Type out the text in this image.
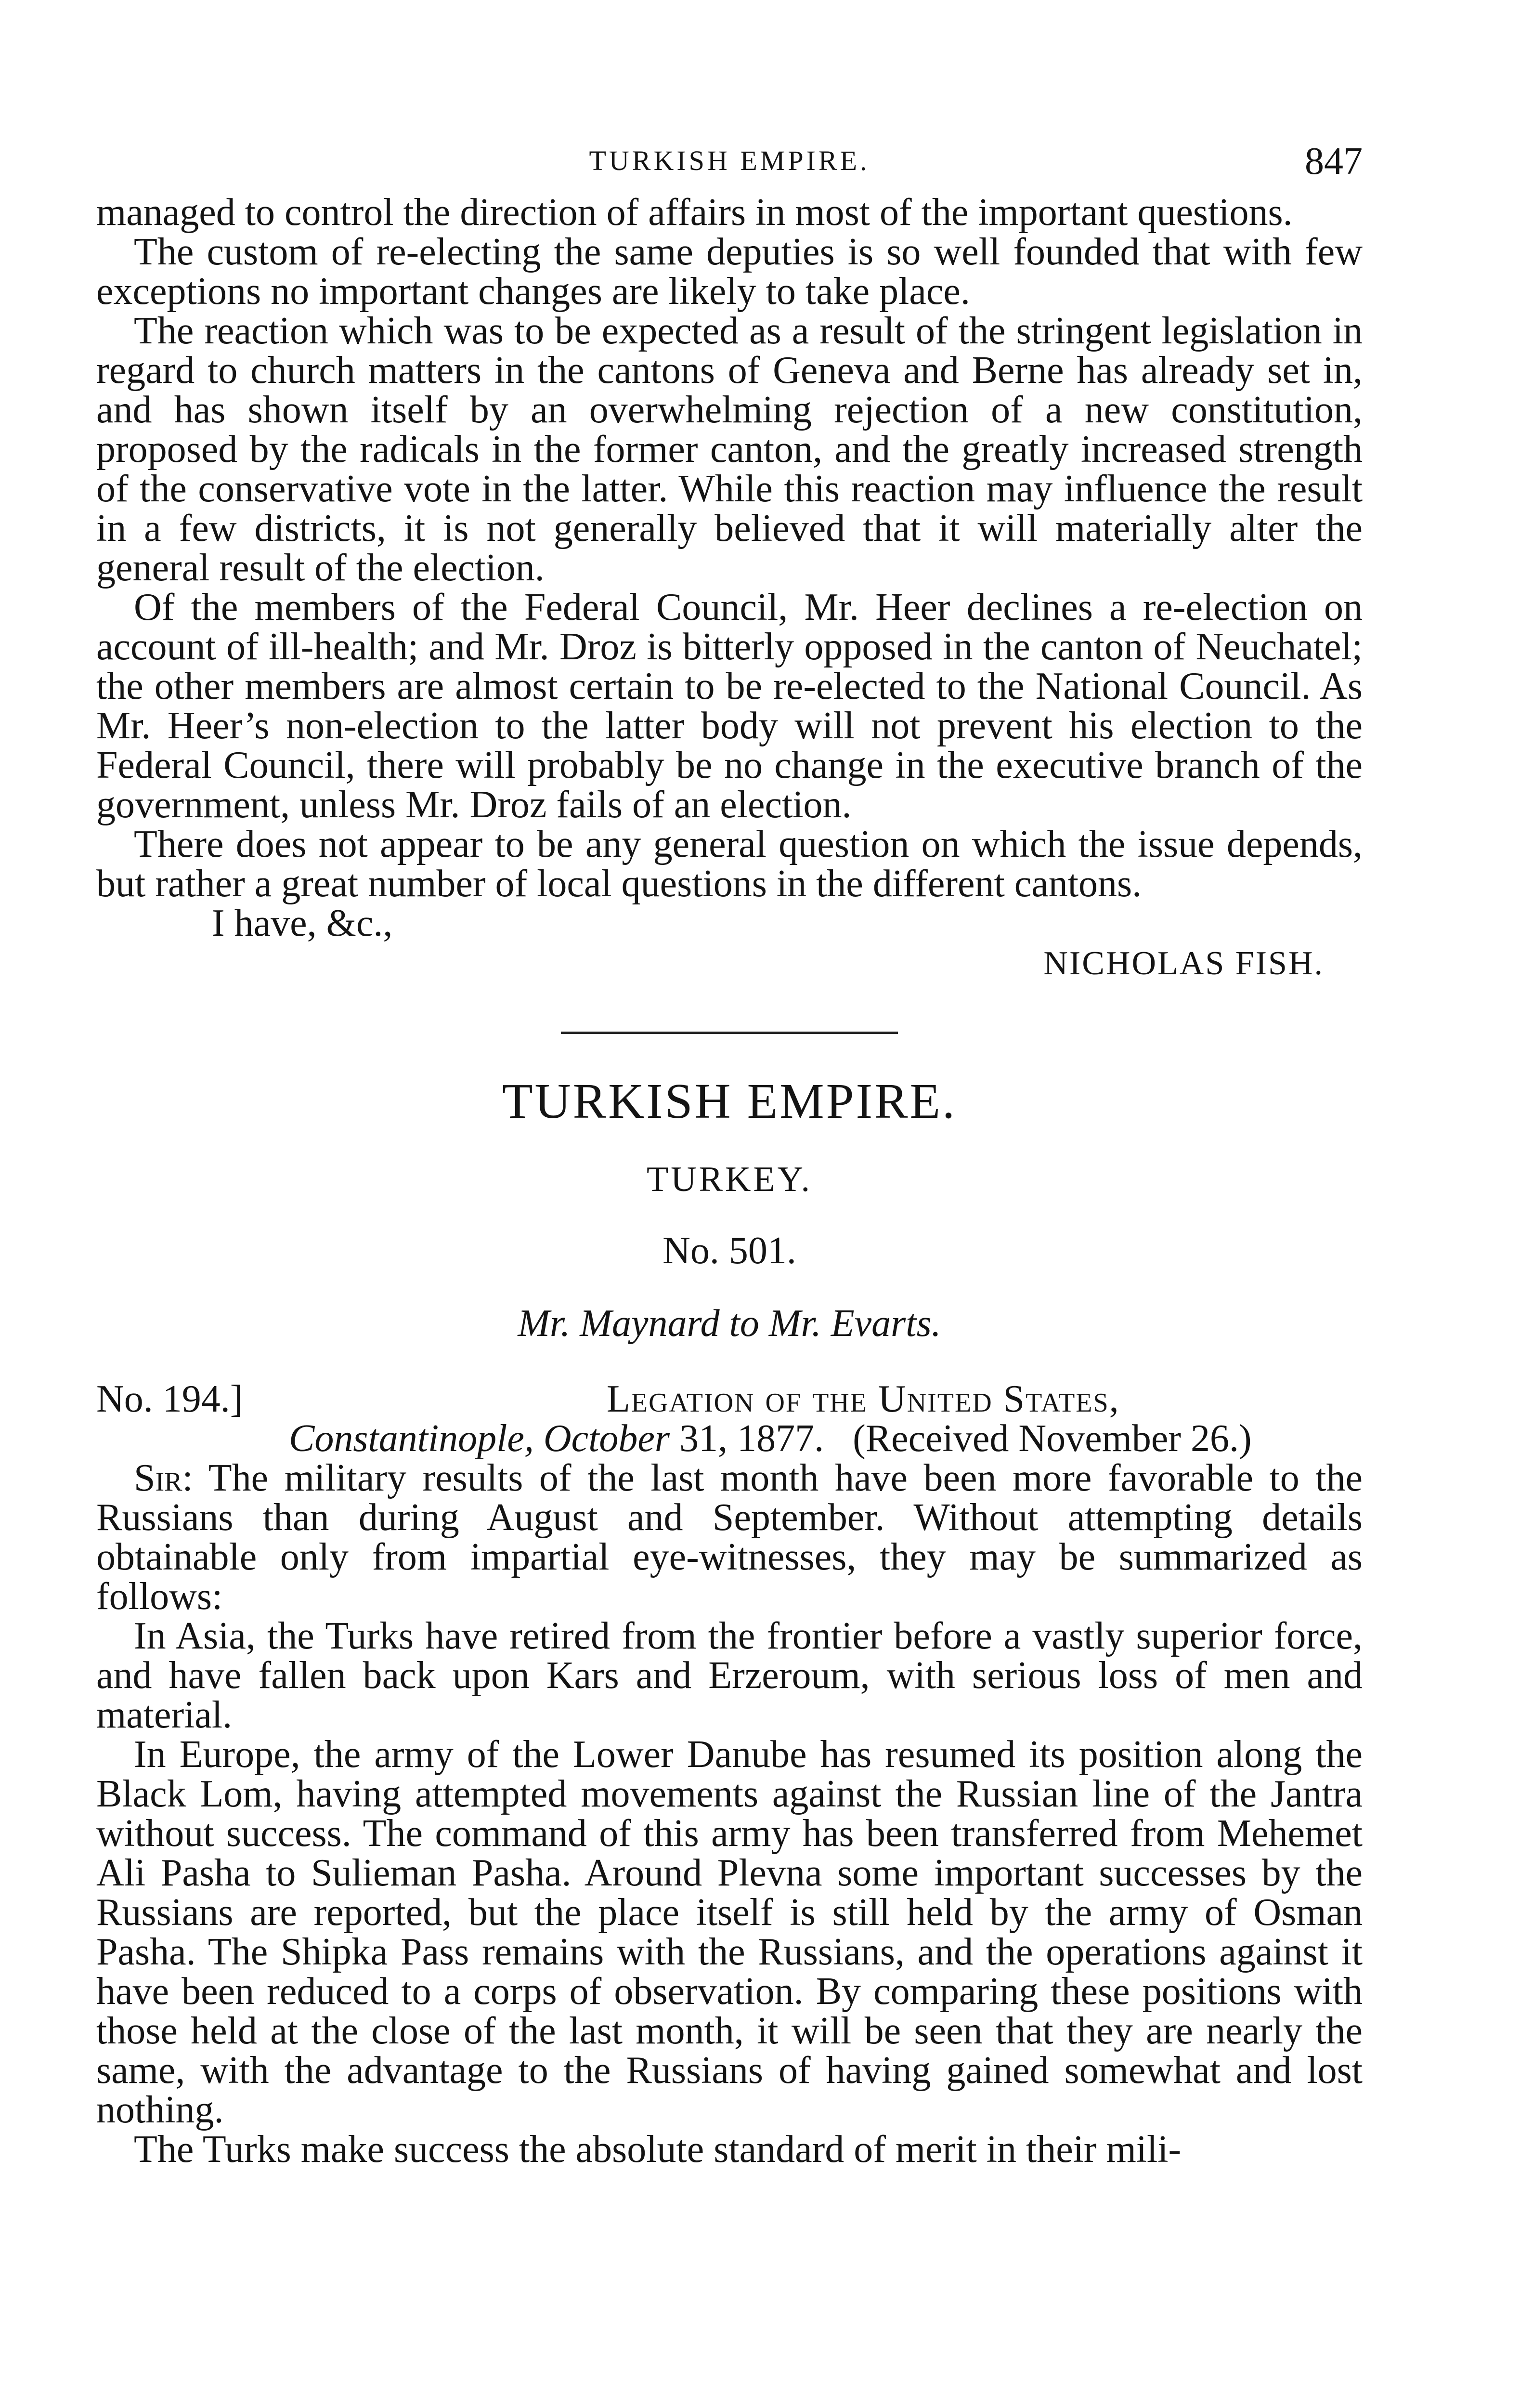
TURKISH EMPIRE.	847

managed to control the direction of affairs in most of the important questions.

The custom of re-electing the same deputies is so well founded that with few exceptions no important changes are likely to take place.

The reaction which was to be expected as a result of the stringent legislation in regard to church matters in the cantons of Geneva and Berne has already set in, and has shown itself by an overwhelming rejection of a new constitution, proposed by the radicals in the former canton, and the greatly increased strength of the conservative vote in the latter. While this reaction may influence the result in a few districts, it is not generally believed that it will materially alter the general result of the election.

Of the members of the Federal Council, Mr. Heer declines a re-election on account of ill-health; and Mr. Droz is bitterly opposed in the canton of Neuchatel; the other members are almost certain to be re-elected to the National Council. As Mr. Heer’s non-election to the latter body will not prevent his election to the Federal Council, there will probably be no change in the executive branch of the government, unless Mr. Droz fails of an election.

There does not appear to be any general question on which the issue depends, but rather a great number of local questions in the different cantons.

I have, &c.,
NICHOLAS FISH.
TURKISH EMPIRE.
TURKEY.
No. 501.
Mr. Maynard to Mr. Evarts.
No. 194.]	Legation of the United States,
Constantinople, October 31, 1877. (Received November 26.)

Sir: The military results of the last month have been more favorable to the Russians than during August and September. Without attempting details obtainable only from impartial eye-witnesses, they may be summarized as follows:

In Asia, the Turks have retired from the frontier before a vastly superior force, and have fallen back upon Kars and Erzeroum, with serious loss of men and material.

In Europe, the army of the Lower Danube has resumed its position along the Black Lom, having attempted movements against the Russian line of the Jantra without success. The command of this army has been transferred from Mehemet Ali Pasha to Sulieman Pasha. Around Plevna some important successes by the Russians are reported, but the place itself is still held by the army of Osman Pasha. The Shipka Pass remains with the Russians, and the operations against it have been reduced to a corps of observation. By comparing these positions with those held at the close of the last month, it will be seen that they are nearly the same, with the advantage to the Russians of having gained somewhat and lost nothing.

The Turks make success the absolute standard of merit in their mili-
